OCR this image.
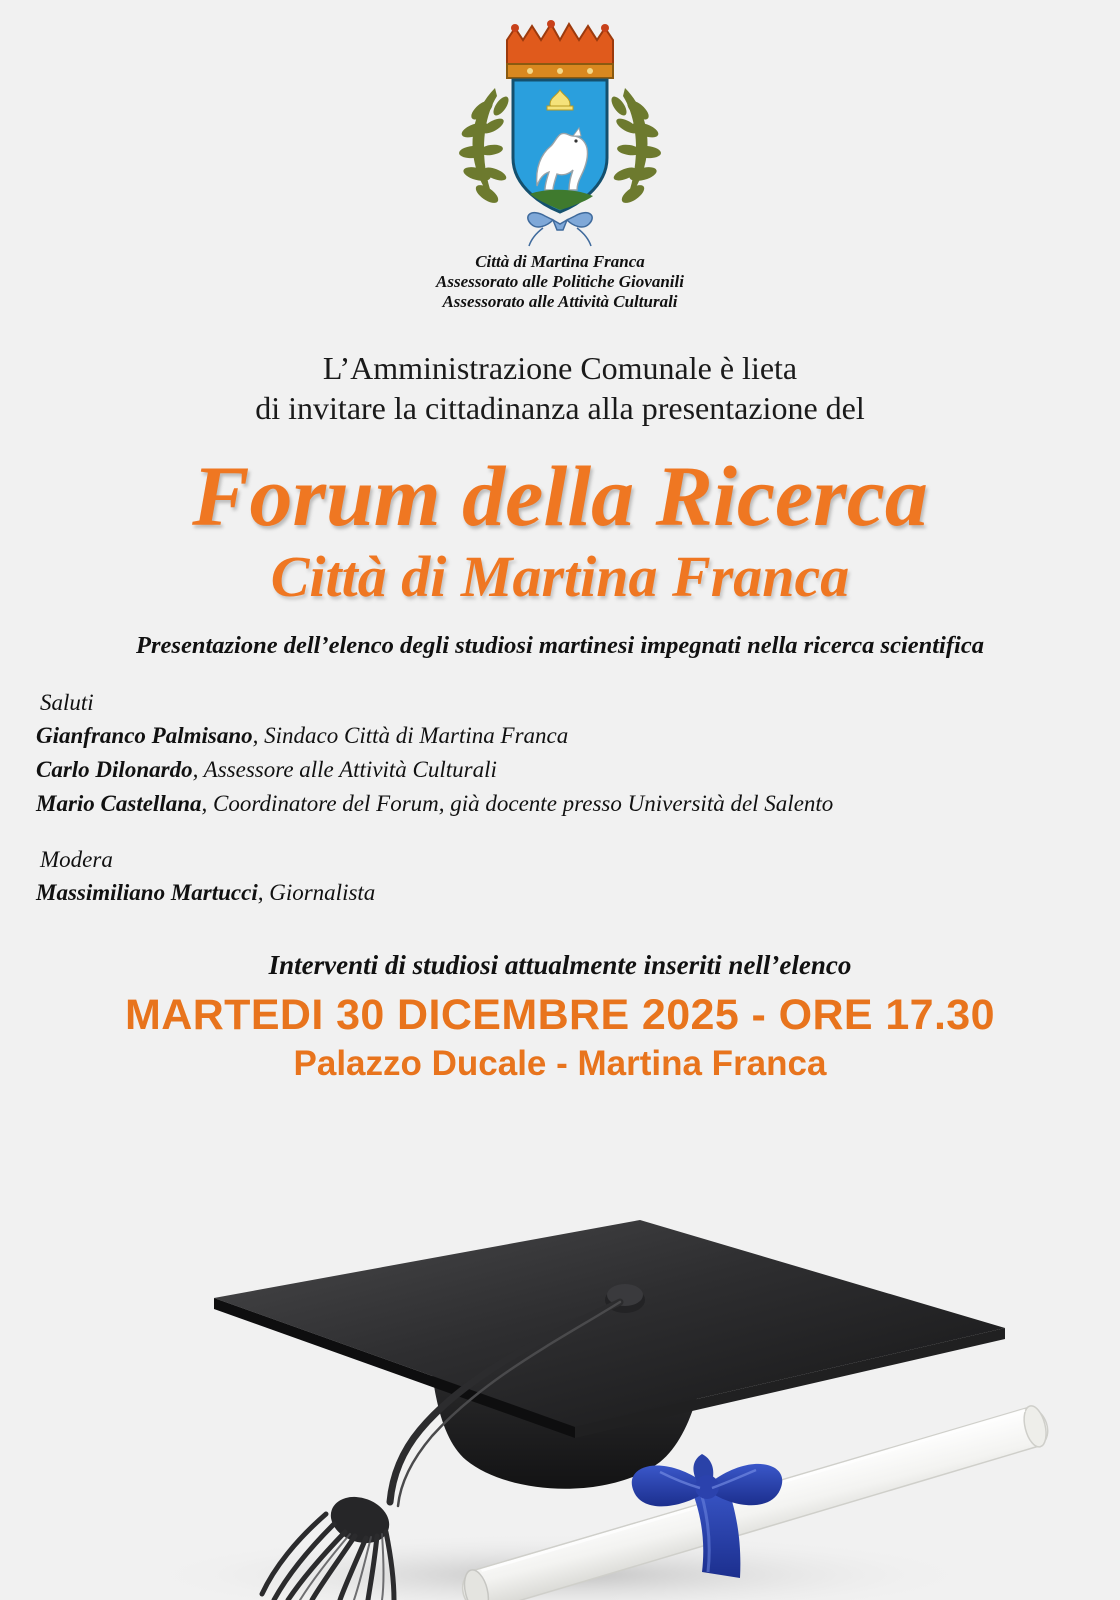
Città di Martina Franca
Assessorato alle Politiche Giovanili
Assessorato alle Attività Culturali
L’Amministrazione Comunale è lieta
di invitare la cittadinanza alla presentazione del
Forum della Ricerca
Città di Martina Franca
Presentazione dell’elenco degli studiosi martinesi impegnati nella ricerca scientifica
Saluti
Gianfranco Palmisano, Sindaco Città di Martina Franca
Carlo Dilonardo, Assessore alle Attività Culturali
Mario Castellana, Coordinatore del Forum, già docente presso Università del Salento
Modera
Massimiliano Martucci, Giornalista
Interventi di studiosi attualmente inseriti nell’elenco
MARTEDI 30 DICEMBRE 2025 - ORE 17.30
Palazzo Ducale - Martina Franca
